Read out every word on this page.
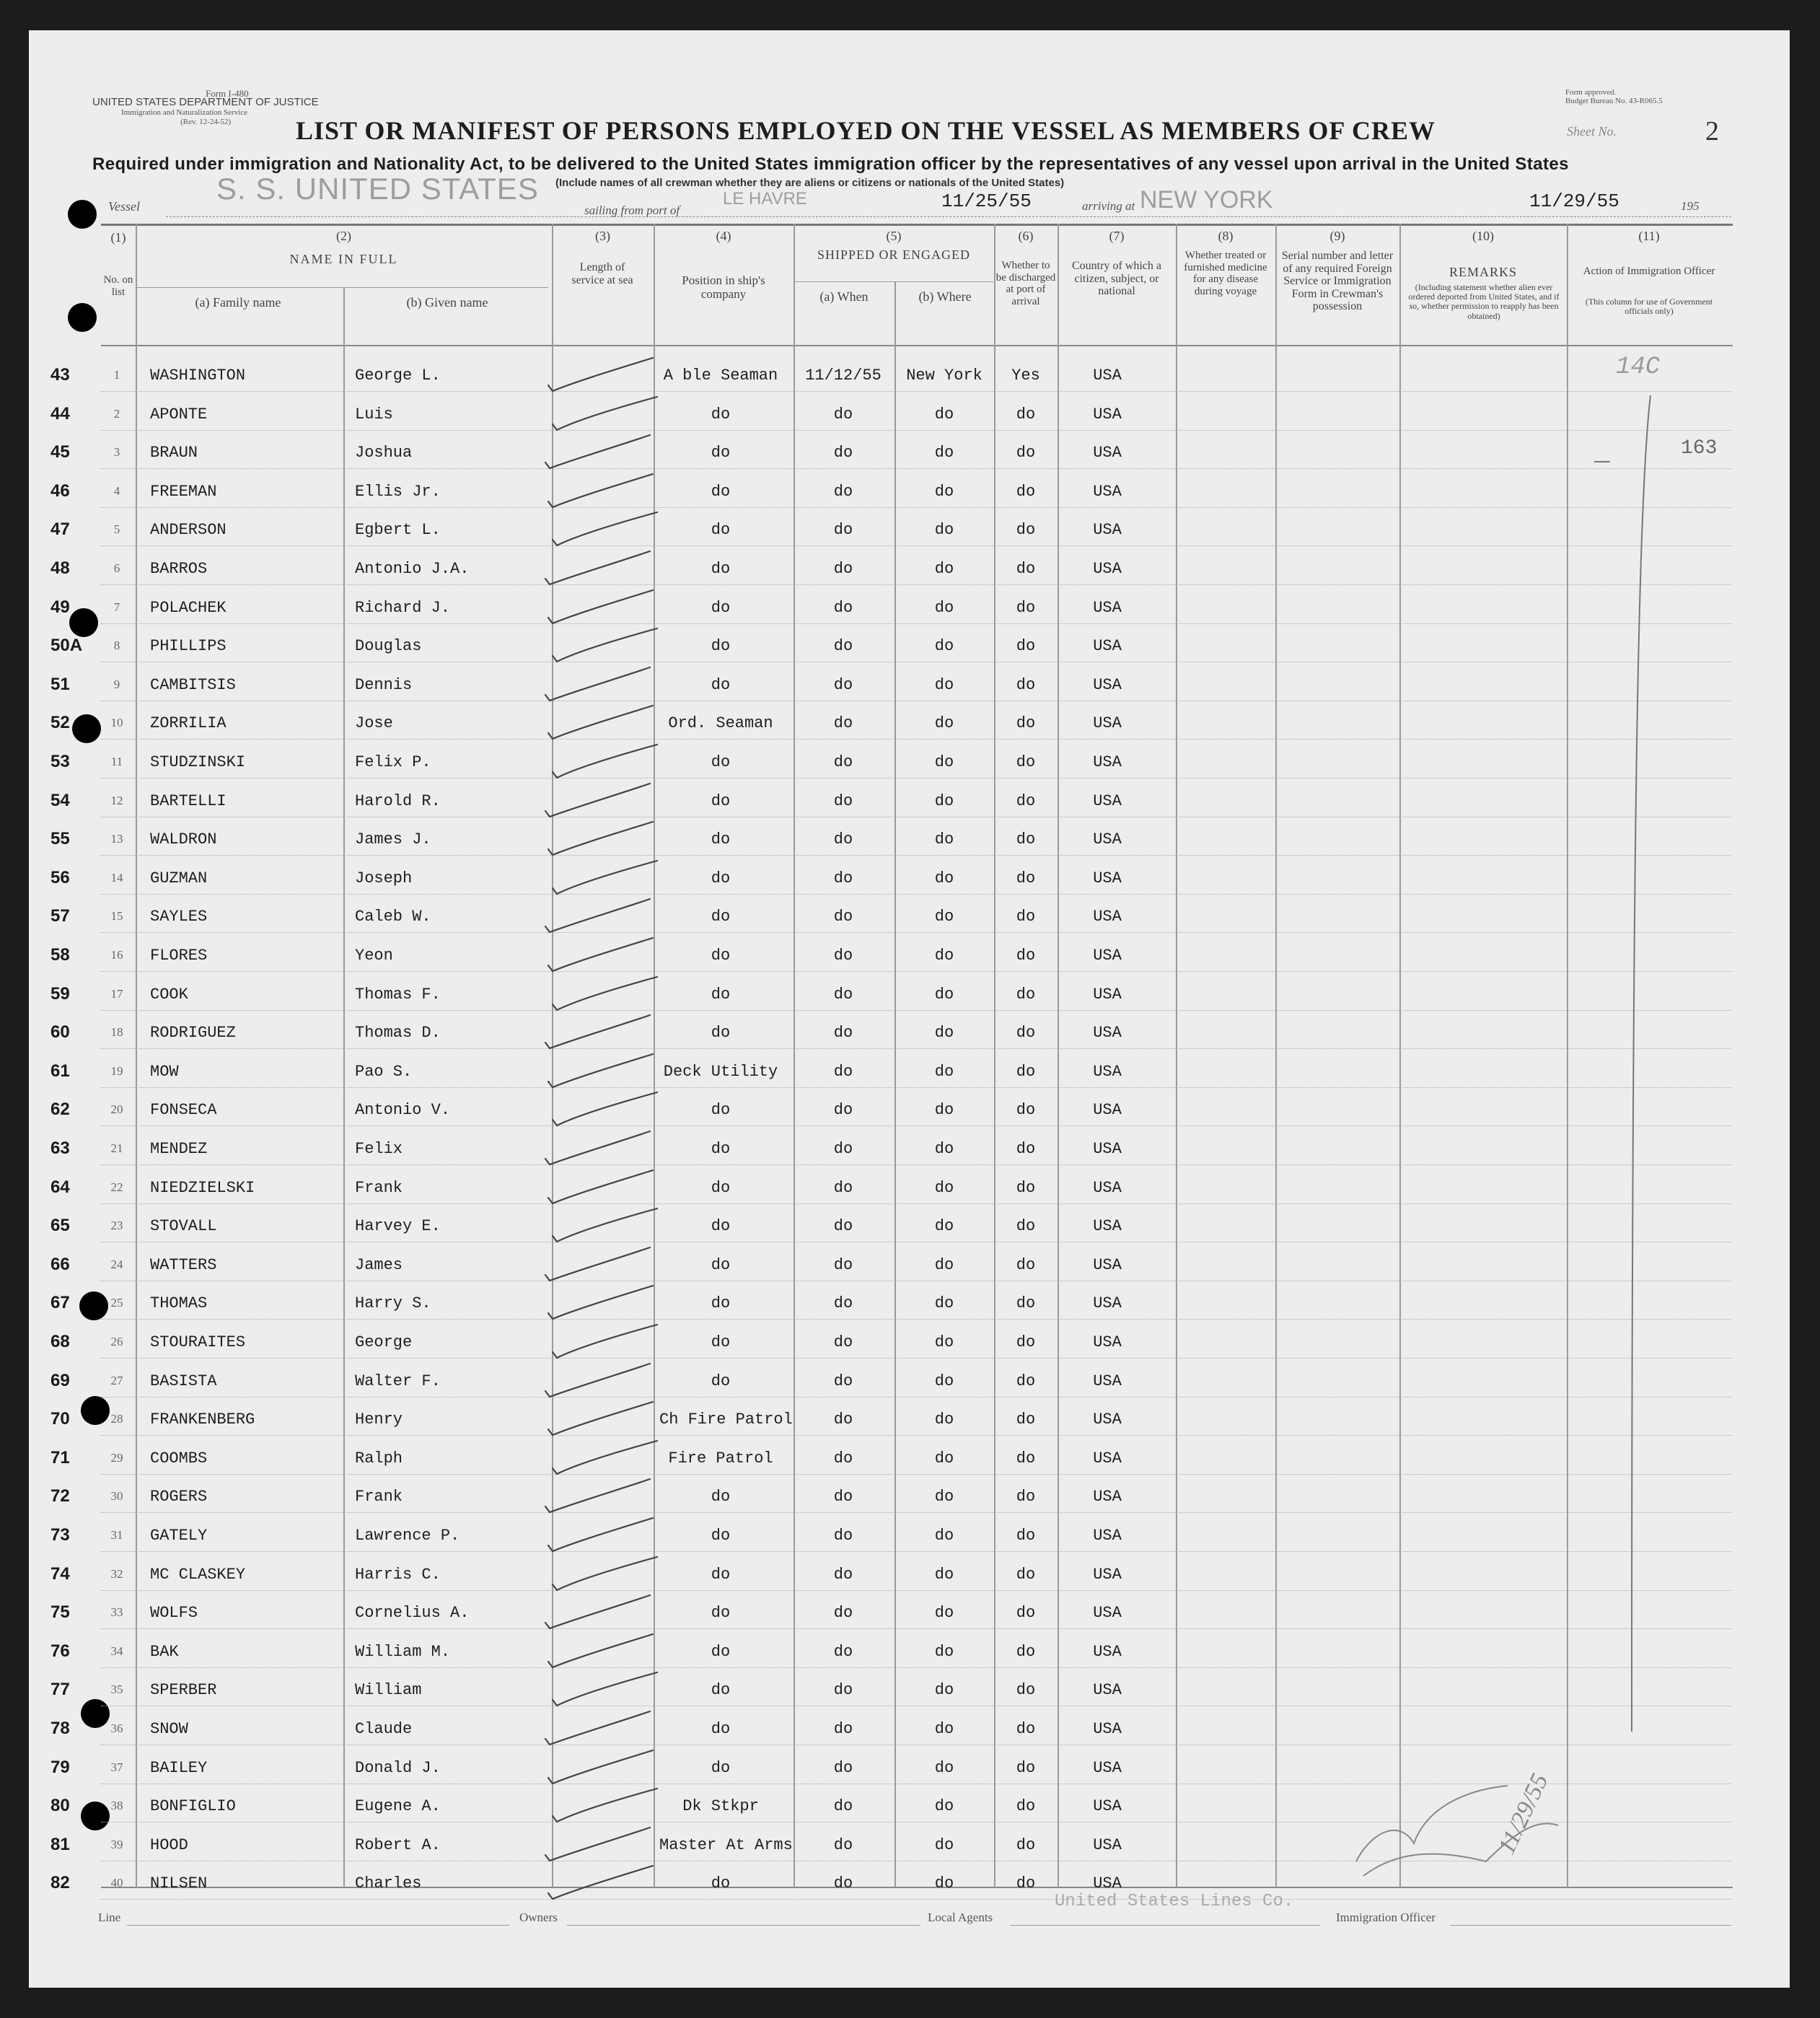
Form I-480
UNITED STATES DEPARTMENT OF JUSTICE
Immigration and Naturalization Service
(Rev. 12-24-52)
Form approved.
Budget Bureau No. 43-R065.5
Sheet No.	2
LIST OR MANIFEST OF PERSONS EMPLOYED ON THE VESSEL AS MEMBERS OF CREW
Required under immigration and Nationality Act, to be delivered to the United States immigration officer by the representatives of any vessel upon arrival in the United States
(Include names of all crewman whether they are aliens or citizens or nationals of the United States)
Vessel
S. S. UNITED STATES
sailing from port of
LE HAVRE	11/25/55	arriving at NEW YORK	11/29/55	195
(1)
No. on list
(2)
NAME IN FULL
(a) Family name	(b) Given name
(3)
Length of service at sea
(4)
Position in ship's company
(5)
SHIPPED OR ENGAGED
(a) When	(b) Where
(6)
Whether to be discharged at port of arrival
(7)
Country of which a citizen, subject, or national
(8)
Whether treated or furnished medicine for any disease during voyage
(9)
Serial number and letter of any required Foreign Service or Immigration Form in Crewman's possession
(10)
REMARKS
(Including statement whether alien ever ordered deported from United States, and if so, whether permission to reapply has been obtained)
(11)
Action of Immigration Officer
(This column for use of Government officials only)
43	1	WASHINGTON	George L.	A ble Seaman	11/12/55	New York	Yes	USA
44	2	APONTE	Luis	do	do	do	do	USA
45	3	BRAUN	Joshua	do	do	do	do	USA
46	4	FREEMAN	Ellis Jr.	do	do	do	do	USA
47	5	ANDERSON	Egbert L.	do	do	do	do	USA
48	6	BARROS	Antonio J.A.	do	do	do	do	USA
49	7	POLACHEK	Richard J.	do	do	do	do	USA
50A	8	PHILLIPS	Douglas	do	do	do	do	USA
51	9	CAMBITSIS	Dennis	do	do	do	do	USA
52	10	ZORRILIA	Jose	Ord. Seaman	do	do	do	USA
53	11	STUDZINSKI	Felix P.	do	do	do	do	USA
54	12	BARTELLI	Harold R.	do	do	do	do	USA
55	13	WALDRON	James J.	do	do	do	do	USA
56	14	GUZMAN	Joseph	do	do	do	do	USA
57	15	SAYLES	Caleb W.	do	do	do	do	USA
58	16	FLORES	Yeon	do	do	do	do	USA
59	17	COOK	Thomas F.	do	do	do	do	USA
60	18	RODRIGUEZ	Thomas D.	do	do	do	do	USA
61	19	MOW	Pao S.	Deck Utility	do	do	do	USA
62	20	FONSECA	Antonio V.	do	do	do	do	USA
63	21	MENDEZ	Felix	do	do	do	do	USA
64	22	NIEDZIELSKI	Frank	do	do	do	do	USA
65	23	STOVALL	Harvey E.	do	do	do	do	USA
66	24	WATTERS	James	do	do	do	do	USA
67	25	THOMAS	Harry S.	do	do	do	do	USA
68	26	STOURAITES	George	do	do	do	do	USA
69	27	BASISTA	Walter F.	do	do	do	do	USA
70	28	FRANKENBERG	Henry	Ch Fire Patrol	do	do	do	USA
71	29	COOMBS	Ralph	Fire Patrol	do	do	do	USA
72	30	ROGERS	Frank	do	do	do	do	USA
73	31	GATELY	Lawrence P.	do	do	do	do	USA
74	32	MC CLASKEY	Harris C.	do	do	do	do	USA
75	33	WOLFS	Cornelius A.	do	do	do	do	USA
76	34	BAK	William M.	do	do	do	do	USA
77	35	SPERBER	William	do	do	do	do	USA
78	36	SNOW	Claude	do	do	do	do	USA
79	37	BAILEY	Donald J.	do	do	do	do	USA
80	38	BONFIGLIO	Eugene A.	Dk Stkpr	do	do	do	USA
81	39	HOOD	Robert A.	Master At Arms	do	do	do	USA
82	40	NILSEN	Charles	do	do	do	do	USA
14C
163
11/29/55
Line	Owners	Local Agents
United States Lines Co.
Immigration Officer
